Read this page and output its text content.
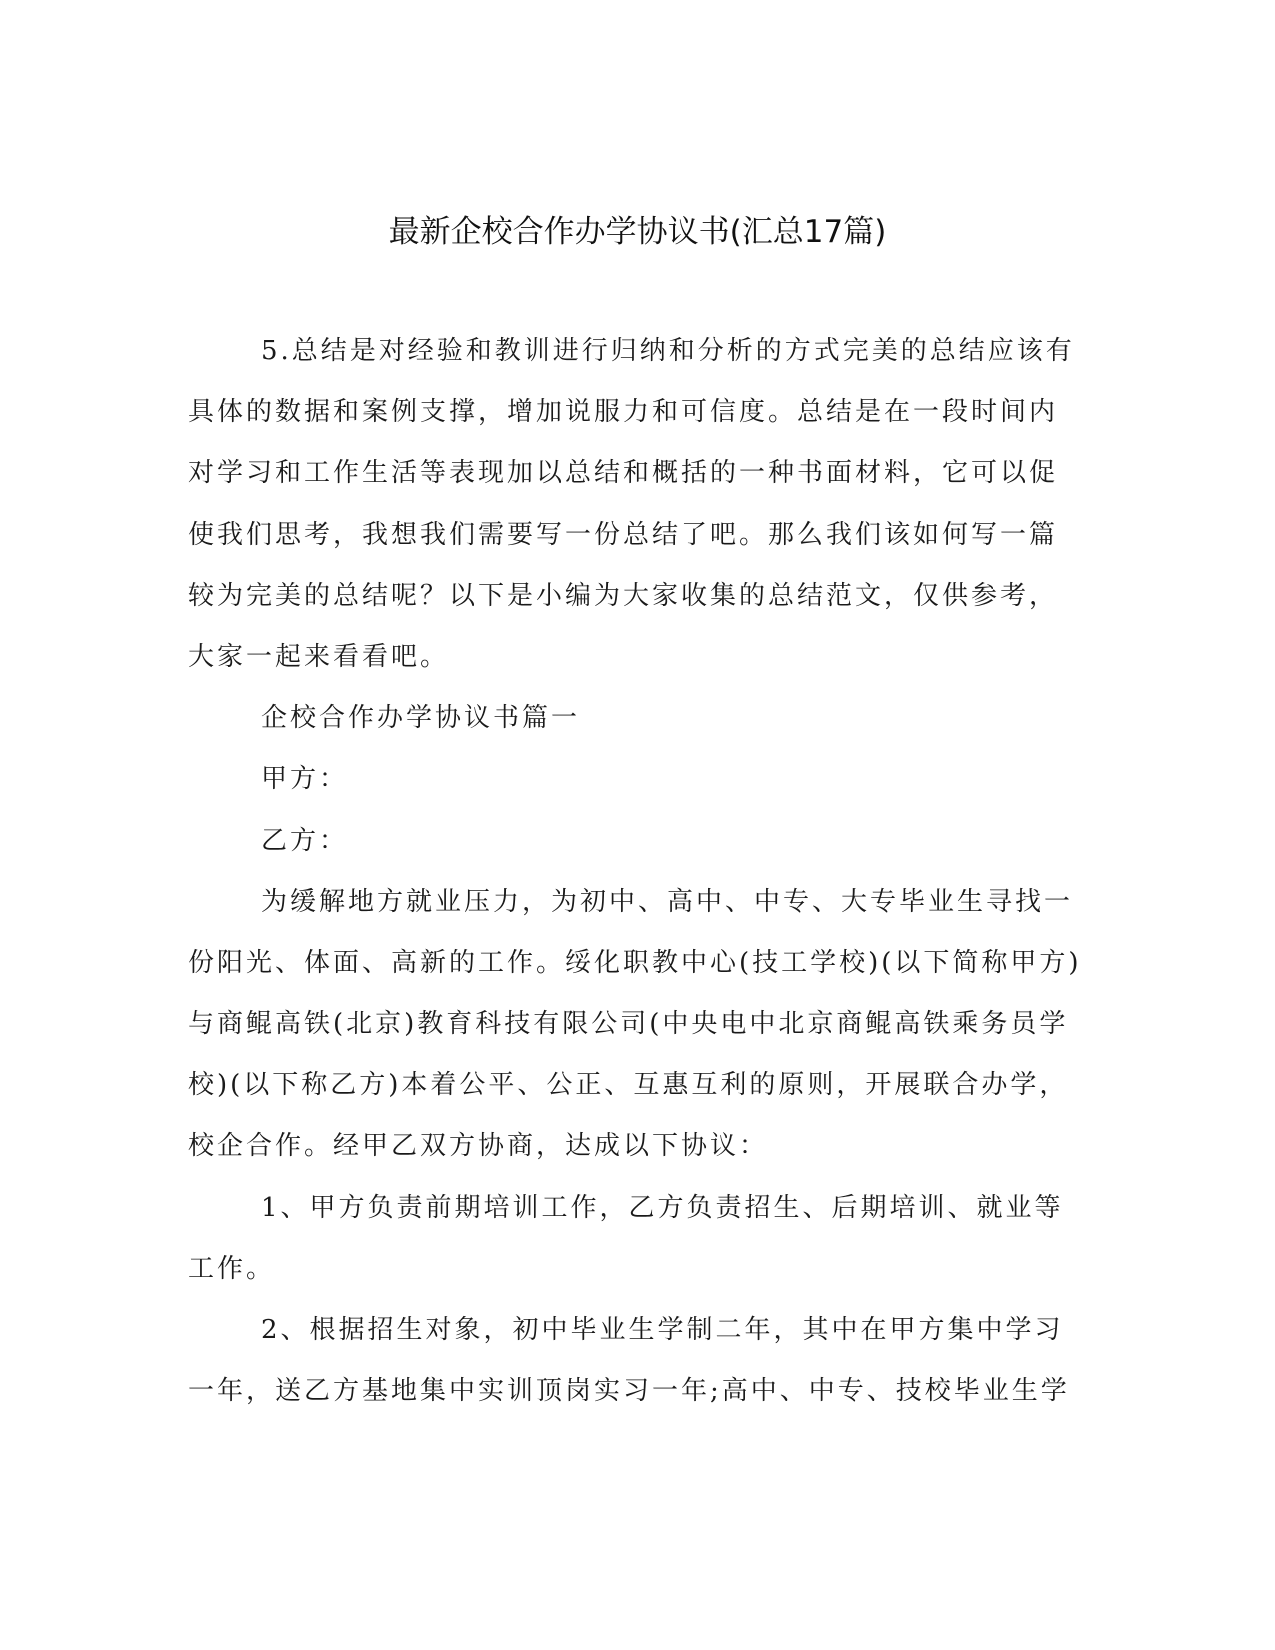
最新企校合作办学协议书(汇总17篇)
5.总结是对经验和教训进行归纳和分析的方式完美的总结应该有
具体的数据和案例支撑，增加说服力和可信度。总结是在一段时间内
对学习和工作生活等表现加以总结和概括的一种书面材料，它可以促
使我们思考，我想我们需要写一份总结了吧。那么我们该如何写一篇
较为完美的总结呢？以下是小编为大家收集的总结范文，仅供参考，
大家一起来看看吧。
企校合作办学协议书篇一
甲方：
乙方：
为缓解地方就业压力，为初中、高中、中专、大专毕业生寻找一
份阳光、体面、高新的工作。绥化职教中心(技工学校)(以下简称甲方)
与商鲲高铁(北京)教育科技有限公司(中央电中北京商鲲高铁乘务员学
校)(以下称乙方)本着公平、公正、互惠互利的原则，开展联合办学，
校企合作。经甲乙双方协商，达成以下协议：
1、甲方负责前期培训工作，乙方负责招生、后期培训、就业等
工作。
2、根据招生对象，初中毕业生学制二年，其中在甲方集中学习
一年，送乙方基地集中实训顶岗实习一年;高中、中专、技校毕业生学
